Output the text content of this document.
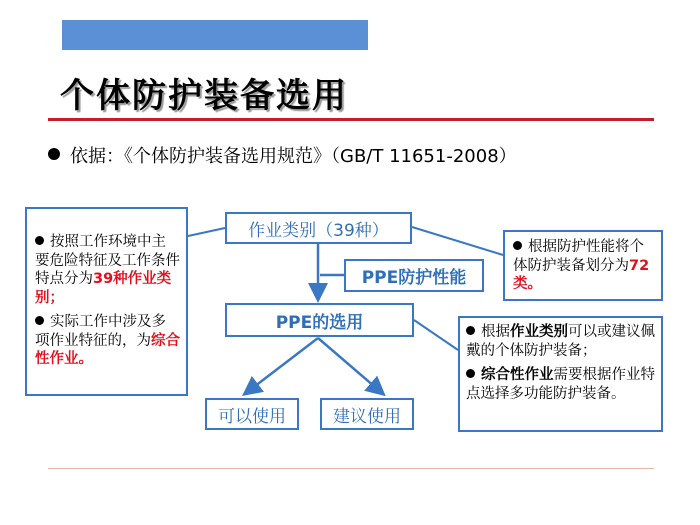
个体防护装备选用
依据：《个体防护装备选用规范》（GB/T 11651-2008）
作业类别（39种）
PPE防护性能
PPE的选用
可以使用	建议使用

按照工作环境中主要危险特征及工作条件特点分为39种作业类别；

实际工作中涉及多项作业特征的，为综合性作业。

根据防护性能将个体防护装备划分为72类。

根据作业类别可以或建议佩戴的个体防护装备；

综合性作业需要根据作业特点选择多功能防护装备。
